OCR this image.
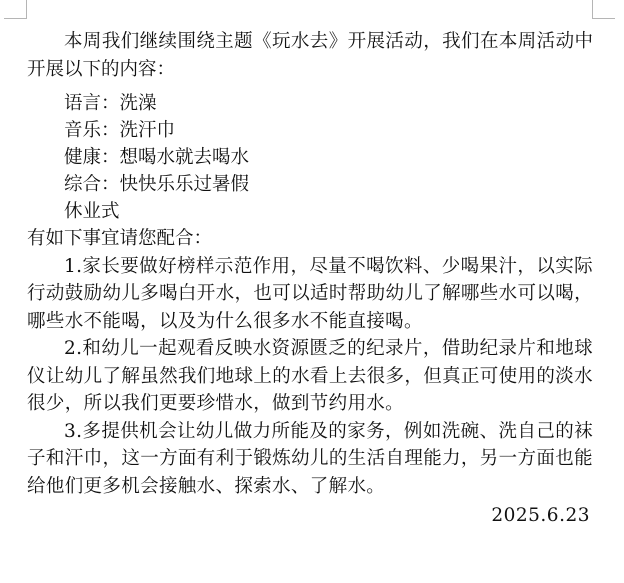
本周我们继续围绕主题《玩水去》开展活动，我们在本周活动中开展以下的内容：

语言：洗澡
音乐：洗汗巾
健康：想喝水就去喝水
综合：快快乐乐过暑假
休业式

有如下事宜请您配合：

1.家长要做好榜样示范作用，尽量不喝饮料、少喝果汁，以实际行动鼓励幼儿多喝白开水，也可以适时帮助幼儿了解哪些水可以喝，哪些水不能喝，以及为什么很多水不能直接喝。

2.和幼儿一起观看反映水资源匮乏的纪录片，借助纪录片和地球仪让幼儿了解虽然我们地球上的水看上去很多，但真正可使用的淡水很少，所以我们更要珍惜水，做到节约用水。

3.多提供机会让幼儿做力所能及的家务，例如洗碗、洗自己的袜子和汗巾，这一方面有利于锻炼幼儿的生活自理能力，另一方面也能给他们更多机会接触水、探索水、了解水。

2025.6.23
